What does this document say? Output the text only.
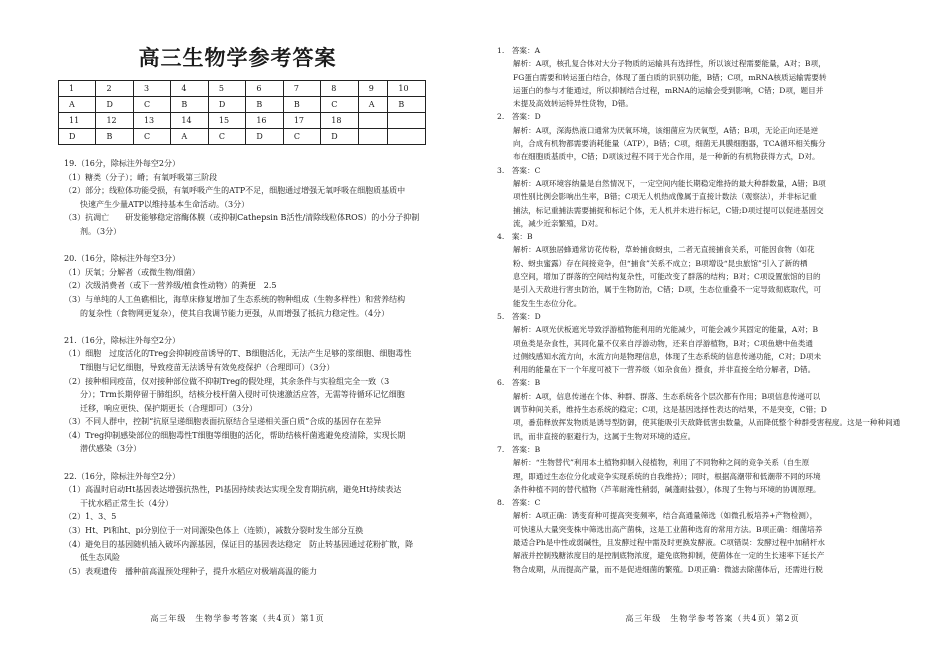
高三生物学参考答案
1	2	3	4	5	6	7	8	9	10
A	D	C	B	D	B	B	C	A	B
11	12	13	14	15	16	17	18		
D	B	C	A	C	D	C	D		
19.（16分，除标注外每空2分）
（1）糖类（分子）；嵴；有氧呼吸第三阶段
（2）部分；线粒体功能受损，有氧呼吸产生的ATP不足，细胞通过增强无氧呼吸在细胞质基质中
快速产生少量ATP以维持基本生命活动。（3分）
（3）抗凋亡　　研发能够稳定溶酶体膜（或抑制Cathepsin B活性/清除线粒体ROS）的小分子抑制
剂。（3分）

20.（16分，除标注外每空3分）
（1）厌氧；分解者（或微生物/细菌）
（2）次级消费者（或下一营养级/植食性动物）的粪便　2.5
（3）与单纯的人工鱼礁相比，海草床修复增加了生态系统的物种组成（生物多样性）和营养结构
的复杂性（食物网更复杂），使其自我调节能力更强，从而增强了抵抗力稳定性。（4分）

21.（16分，除标注外每空2分）
（1）细胞　过度活化的Treg会抑制疫苗诱导的T、B细胞活化，无法产生足够的浆细胞、细胞毒性
T细胞与记忆细胞，导致疫苗无法诱导有效免疫保护（合理即可）（3分）
（2）接种相同疫苗，仅对接种部位做不抑制Treg的假处理，其余条件与实验组完全一致（3
分）；Trm长期停留于肺组织，结核分枝杆菌入侵时可快速激活应答，无需等待循环记忆细胞
迁移，响应更快、保护期更长（合理即可）（3分）
（3）不同人群中，控制“抗原呈递细胞表面抗原结合呈递相关蛋白质”合成的基因存在差异
（4）Treg抑制感染部位的细胞毒性T细胞等细胞的活化，帮助结核杆菌逃避免疫清除，实现长期
潜伏感染（3分）

22.（16分，除标注外每空2分）
（1）高温时启动Ht基因表达增强抗热性，Pi基因持续表达实现全发育期抗病，避免Ht持续表达
干扰水稻正常生长（4分）
（2）1、3、5
（3）Ht、Pi和ht、pi分别位于一对同源染色体上（连锁），减数分裂时发生部分互换
（4）避免目的基因随机插入破坏内源基因，保证目的基因表达稳定　防止转基因通过花粉扩散，降
低生态风险
（5）表观遗传　播种前高温预处理种子，提升水稻应对极端高温的能力
高三年级　生物学参考答案（共4页）第1页	高三年级　生物学参考答案（共4页）第2页
1.　答案：A
解析：A项，核孔复合体对大分子物质的运输具有选择性，所以该过程需要能量，A对；B项，
FG蛋白需要和转运蛋白结合，体现了蛋白质的识别功能，B错；C项，mRNA核质运输需要转
运蛋白的参与才能通过，所以抑制结合过程，mRNA的运输会受到影响，C错；D项，题目并
未提及高效转运特异性货物，D错。
2.　答案：D
解析：A项，深海热液口通常为厌氧环境，该细菌应为厌氧型，A错；B项，无论正向还是逆
向，合成有机物都需要消耗能量（ATP），B错；C项，细菌无具膜细胞器，TCA循环相关酶分
布在细胞质基质中，C错；D项该过程不同于光合作用，是一种新的有机物获得方式，D对。
3.　答案：C
解析：A项环境容纳量是自然情况下，一定空间内能长期稳定维持的最大种群数量，A错；B项
项性别比例会影响出生率，B错；C项无人机热成像属于直接计数法（观察法），并非标记重
捕法，标记重捕法需要捕捉和标记个体，无人机并未进行标记，C错;D项过提可以促进基因交
流，减少近亲繁殖，D对。
4.　案：B
解析：A项独居蜂通常访花传粉，草蛉捕食蚜虫，二者无直接捕食关系，可能因食物（如花
粉、蚜虫蜜露）存在间接竞争，但“捕食”关系不成立；B项增设“昆虫旅馆”引入了新的栖
息空间，增加了群落的空间结构复杂性，可能改变了群落的结构；B对；C项设置旅馆的目的
是引入天敌进行害虫防治，属于生物防治，C错；D项，生态位重叠不一定导致彻底取代，可
能发生生态位分化。
5.　答案：D
解析：A项光伏板遮光导致浮游植物能利用的光能减少，可能会减少其固定的能量，A对；B
项鱼类是杂食性，其同化量不仅来自浮游动物，还来自浮游植物，B对；C项鱼塘中鱼类通
过侧线感知水流方向，水流方向是物理信息，体现了生态系统的信息传递功能，C对；D项未
利用的能量在下一个年度可被下一营养级（如杂食鱼）摄食，并非直接全给分解者，D错。
6.　答案：B
解析：A项，信息传递在个体、种群、群落、生态系统各个层次都有作用；B项信息传递可以
调节种间关系，维持生态系统的稳定；C项，这是基因选择性表达的结果，不是突变，C错；D
项，番茄释放挥发物质是诱导型防御，使其能吸引天敌降低害虫数量，从而降低整个种群受害程度。这是一种种间通
讯，而非直接的驱避行为，这属于生物对环境的适应。
7.　答案：B
解析：“生物替代”利用本土植物抑制入侵植物，利用了不同物种之间的竞争关系（自生原
理，即通过生态位分化或竞争实现系统的自我维持）；同时，根据高潮带和低潮带不同的环境
条件种植不同的替代植物（芦苇耐淹性稍弱，碱蓬耐盐强），体现了生物与环境的协调原理。
8.　答案：C
解析：A项正确：诱变育种可提高突变频率，结合高通量筛选（如微孔板培养+产物检测），
可快速从大量突变株中筛选出高产菌株，这是工业菌种选育的常用方法。B项正确：细菌培养
最适合Ph是中性或弱碱性，且发酵过程中需及时更换发酵液。C项错误：发酵过程中加稍杆水
解液并控制残糖浓度目的是控制底物浓度，避免底物抑制，使菌体在一定的生长速率下延长产
物合成期，从而提高产量，而不是促进细菌的繁殖。D项正确：微滤去除菌体后，还需进行脱
